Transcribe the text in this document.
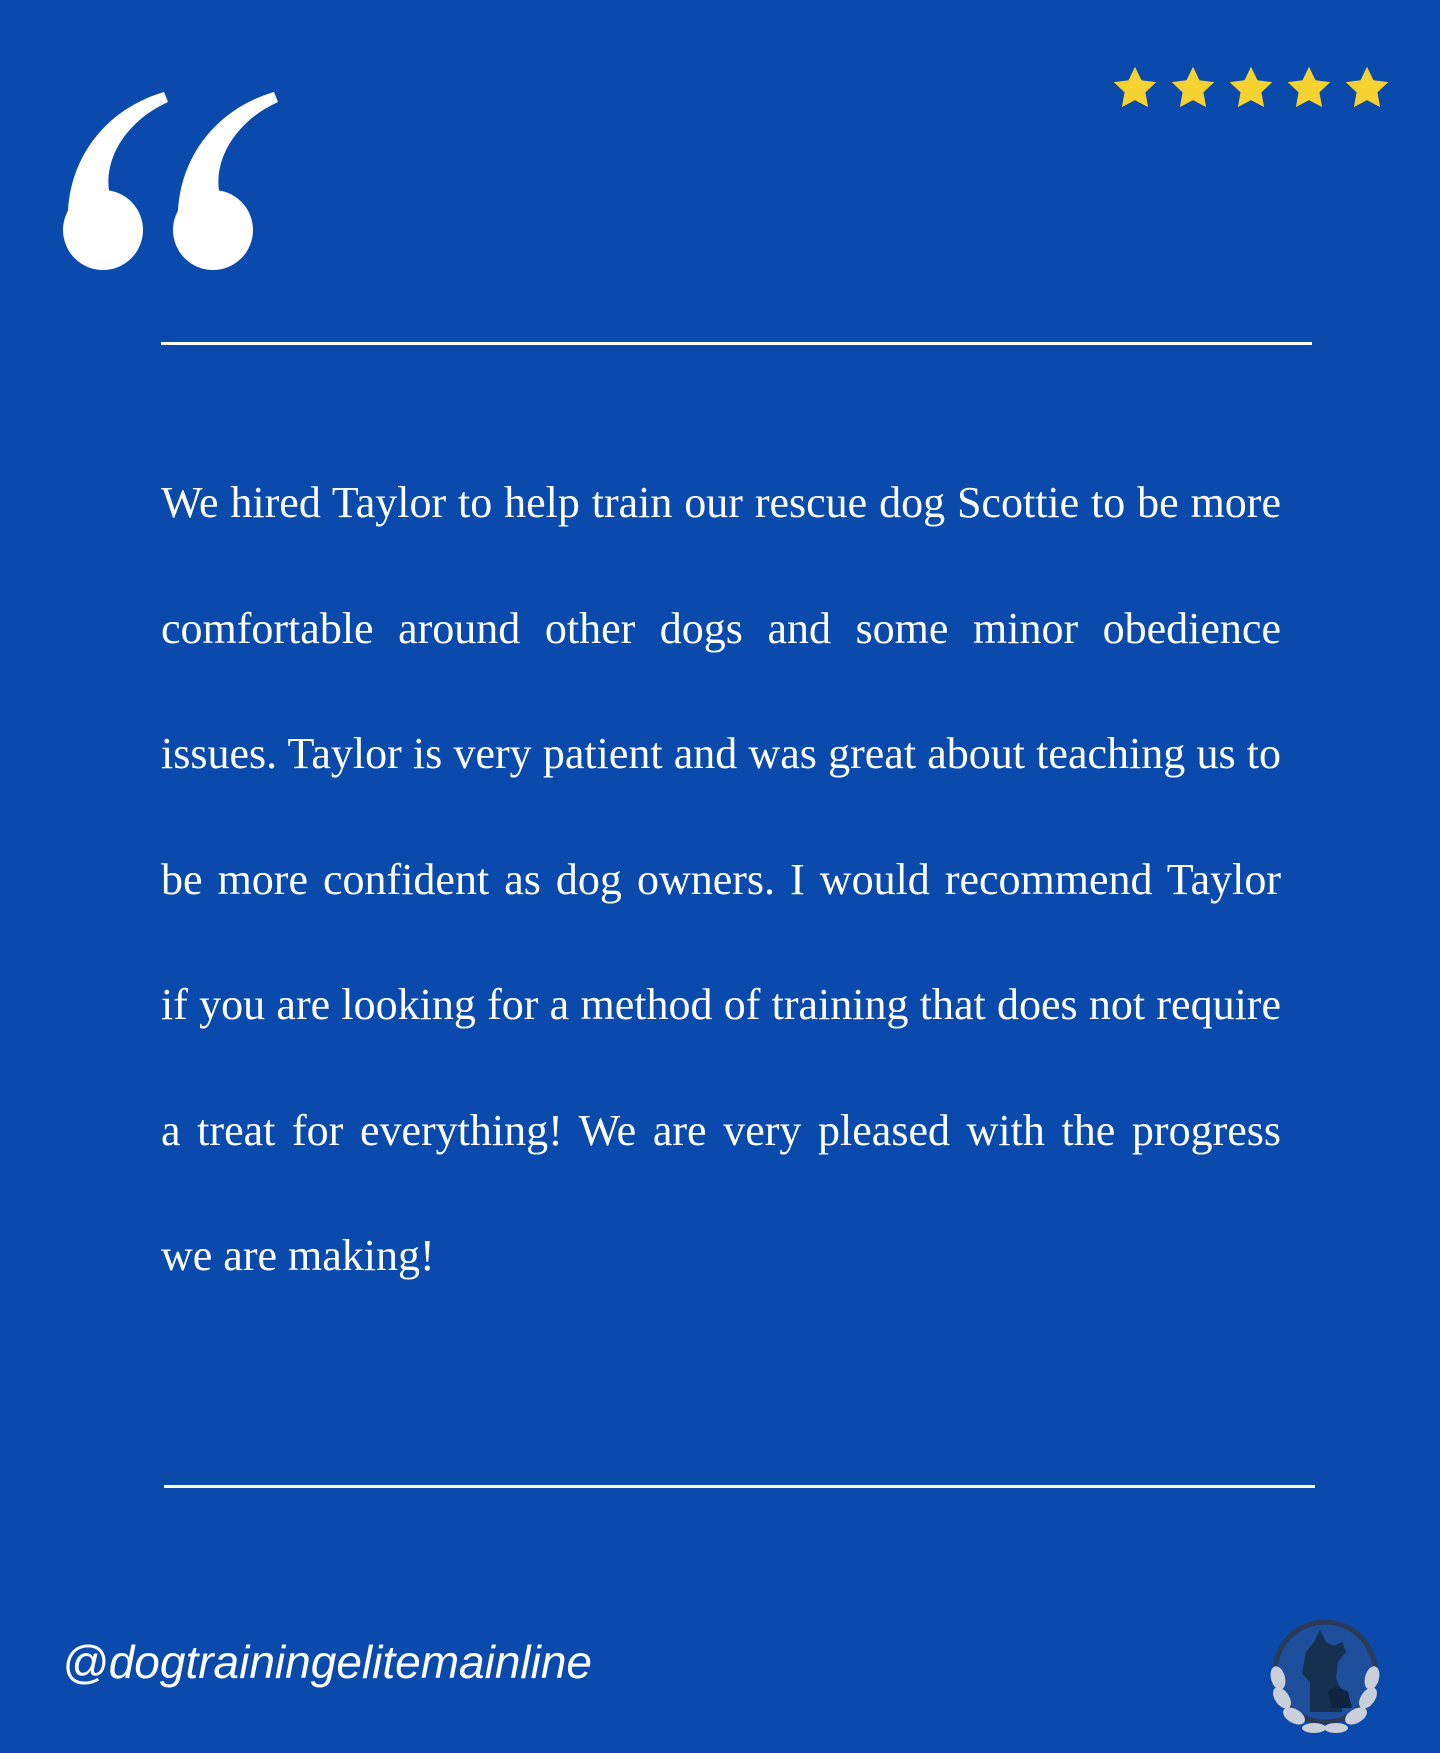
We hired Taylor to help train our rescue dog Scottie to be more comfortable around other dogs and some minor obedience issues. Taylor is very patient and was great about teaching us to be more confident as dog owners. I would recommend Taylor if you are looking for a method of training that does not require a treat for everything! We are very pleased with the progress we are making!

@dogtrainingelitemainline
